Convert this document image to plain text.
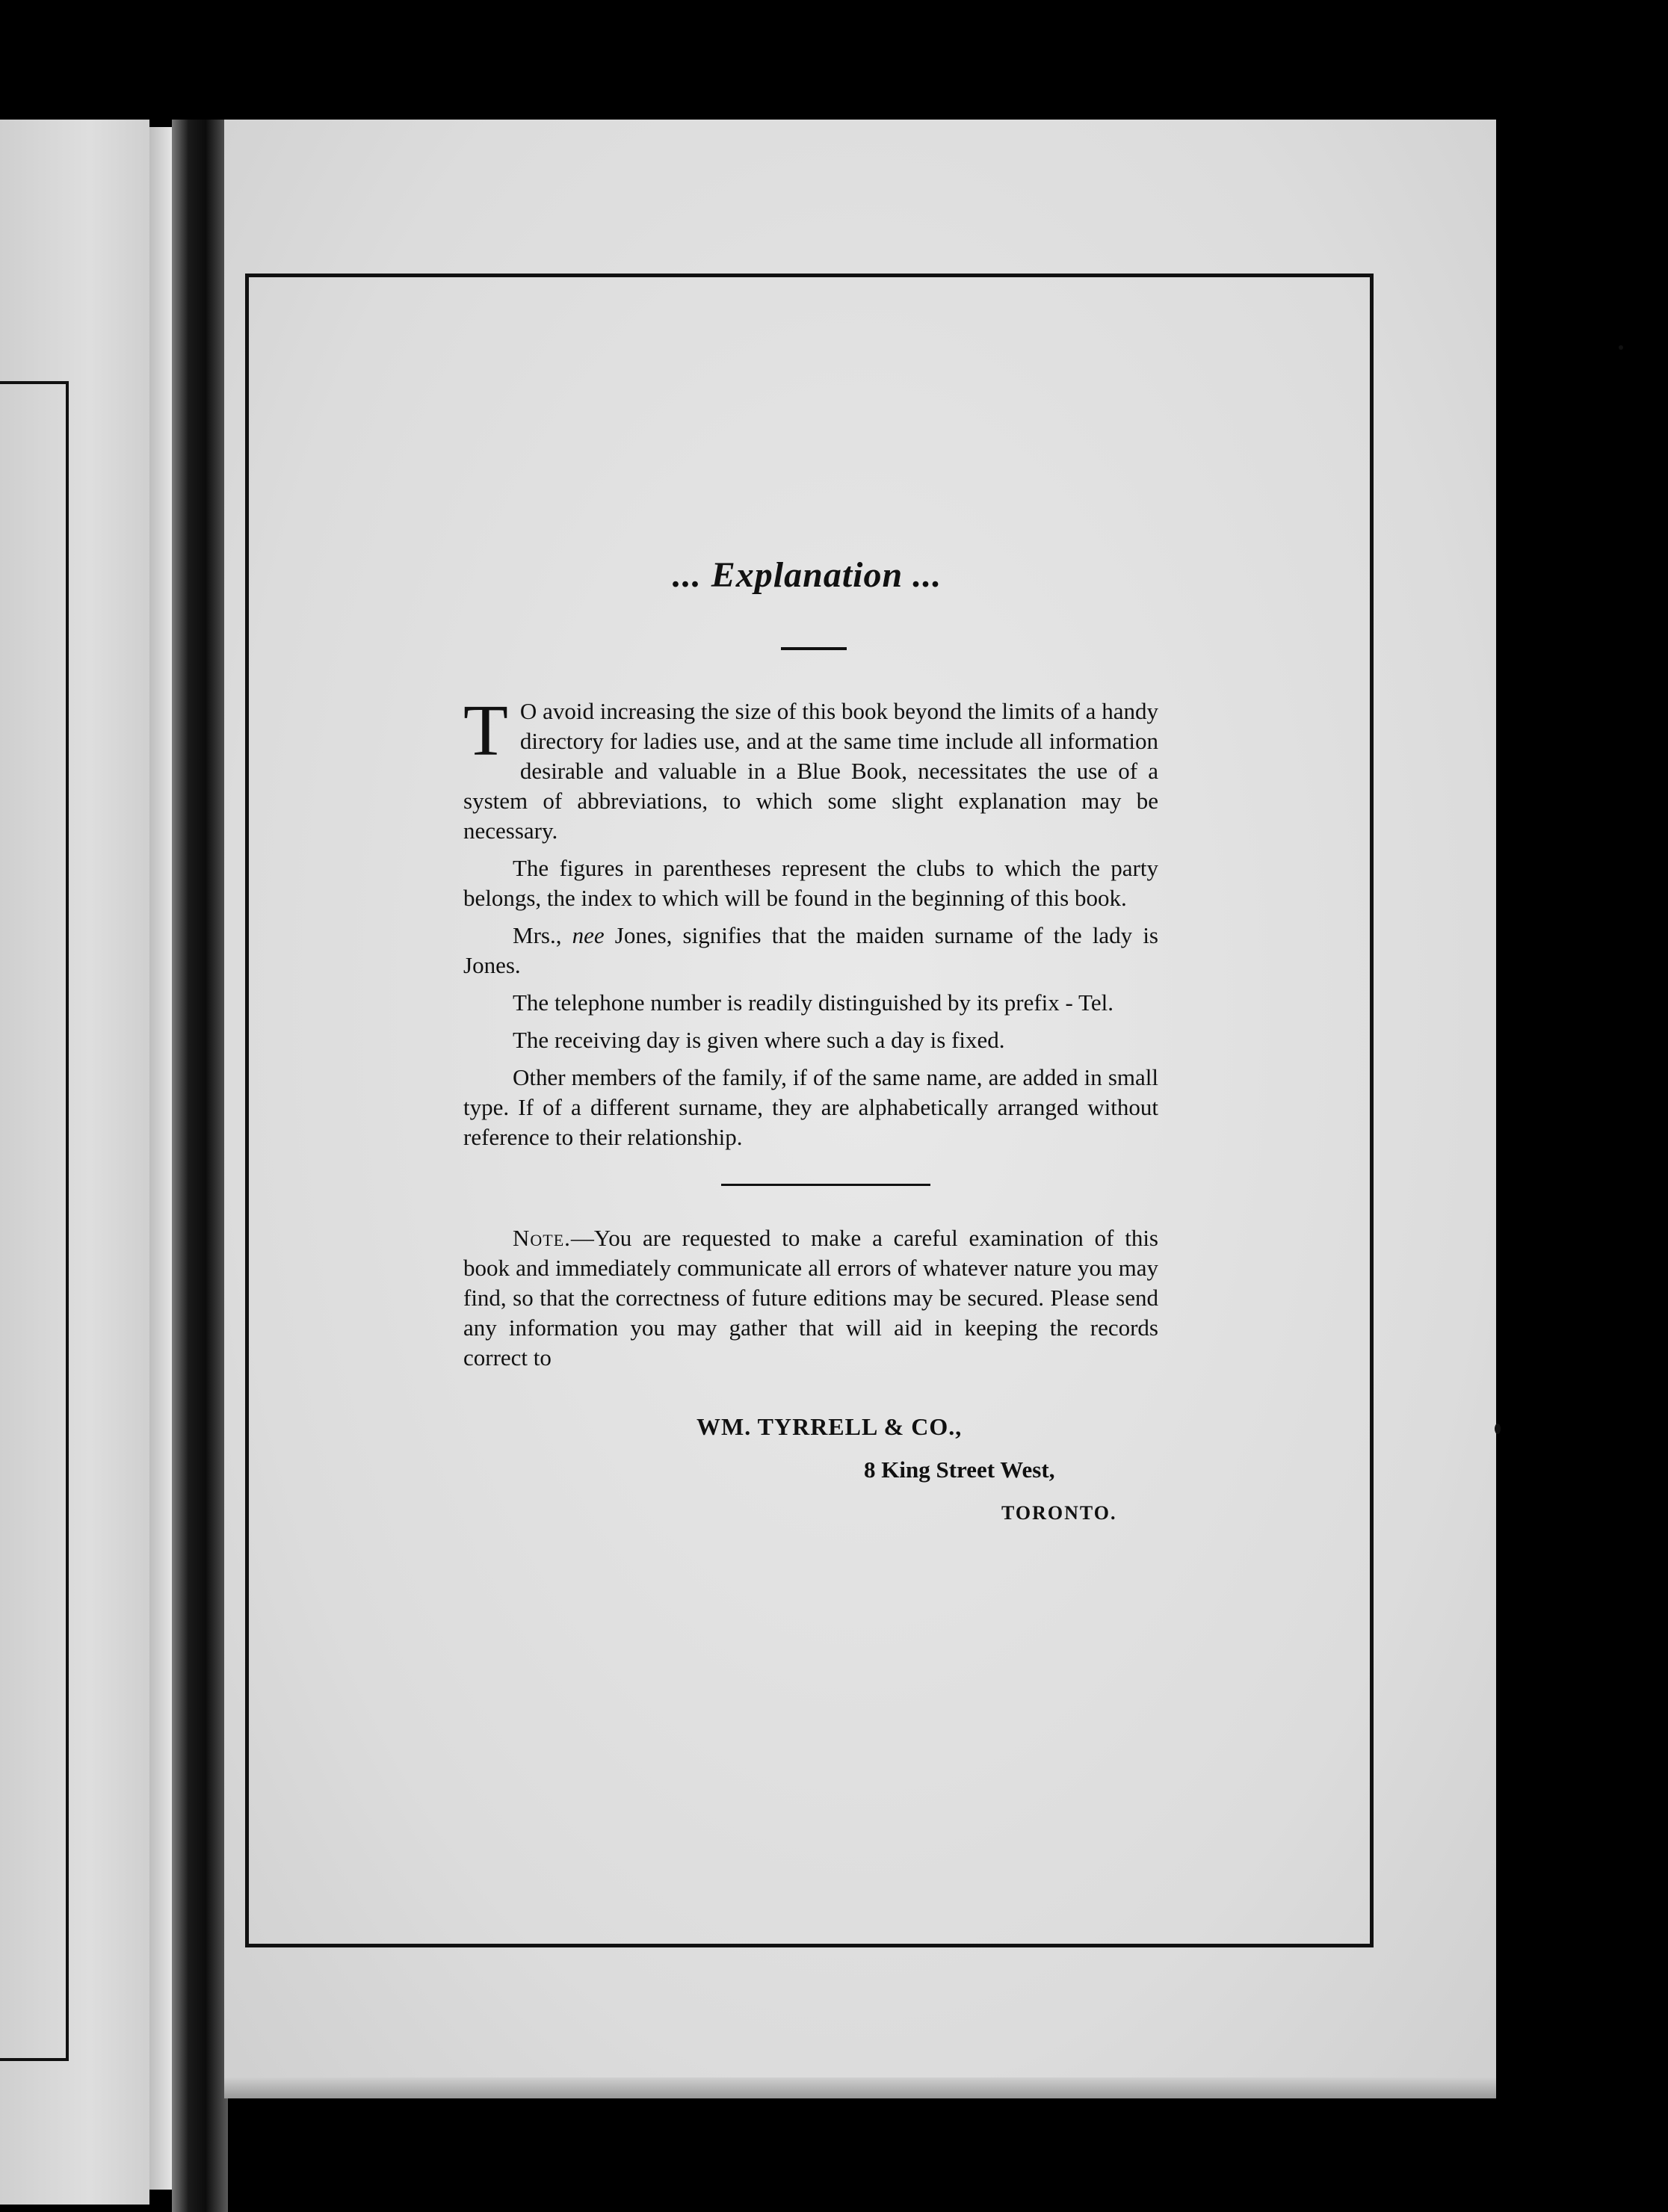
... Explanation ...

T O avoid increasing the size of this book beyond the limits of a handy directory for ladies use, and at the same time include all information desirable and valuable in a Blue Book, necessitates the use of a system of abbreviations, to which some slight explanation may be necessary.

The figures in parentheses represent the clubs to which the party belongs, the index to which will be found in the beginning of this book.

Mrs., nee Jones, signifies that the maiden surname of the lady is Jones.

The telephone number is readily distinguished by its prefix - Tel.

The receiving day is given where such a day is fixed.

Other members of the family, if of the same name, are added in small type. If of a different surname, they are alphabetically arranged without reference to their relationship.

Note.—You are requested to make a careful examination of this book and immediately communicate all errors of whatever nature you may find, so that the correctness of future editions may be secured. Please send any information you may gather that will aid in keeping the records correct to

WM. TYRRELL & CO.,
8 King Street West,
TORONTO.
